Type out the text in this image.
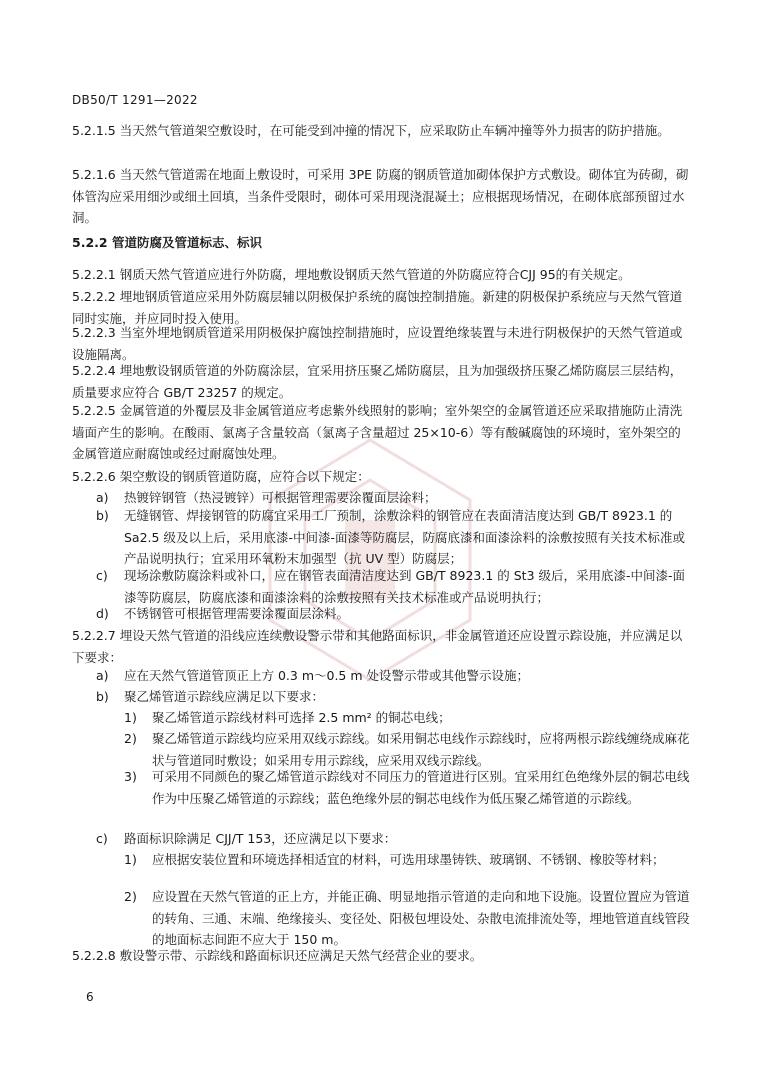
DB50/T 1291—2022

5.2.1.5 当天然气管道架空敷设时，在可能受到冲撞的情况下，应采取防止车辆冲撞等外力损害的防护措施。

5.2.1.6 当天然气管道需在地面上敷设时，可采用 3PE 防腐的钢质管道加砌体保护方式敷设。砌体宜为砖砌，砌体管沟应采用细沙或细土回填，当条件受限时，砌体可采用现浇混凝土；应根据现场情况，在砌体底部预留过水洞。

5.2.2 管道防腐及管道标志、标识

5.2.2.1 钢质天然气管道应进行外防腐，埋地敷设钢质天然气管道的外防腐应符合CJJ 95的有关规定。

5.2.2.2 埋地钢质管道应采用外防腐层辅以阴极保护系统的腐蚀控制措施。新建的阴极保护系统应与天然气管道同时实施，并应同时投入使用。

5.2.2.3 当室外埋地钢质管道采用阴极保护腐蚀控制措施时，应设置绝缘装置与未进行阴极保护的天然气管道或设施隔离。

5.2.2.4 埋地敷设钢质管道的外防腐涂层，宜采用挤压聚乙烯防腐层，且为加强级挤压聚乙烯防腐层三层结构，质量要求应符合 GB/T 23257 的规定。

5.2.2.5 金属管道的外覆层及非金属管道应考虑紫外线照射的影响；室外架空的金属管道还应采取措施防止清洗墙面产生的影响。在酸雨、氯离子含量较高（氯离子含量超过 25×10-6）等有酸碱腐蚀的环境时，室外架空的金属管道应耐腐蚀或经过耐腐蚀处理。

5.2.2.6 架空敷设的钢质管道防腐，应符合以下规定：

a) 热镀锌钢管（热浸镀锌）可根据管理需要涂覆面层涂料；

b) 无缝钢管、焊接钢管的防腐宜采用工厂预制，涂敷涂料的钢管应在表面清洁度达到 GB/T 8923.1 的 Sa2.5 级及以上后，采用底漆-中间漆-面漆等防腐层，防腐底漆和面漆涂料的涂敷按照有关技术标准或产品说明执行；宜采用环氧粉末加强型（抗 UV 型）防腐层；

c) 现场涂敷防腐涂料或补口，应在钢管表面清洁度达到 GB/T 8923.1 的 St3 级后，采用底漆-中间漆-面漆等防腐层，防腐底漆和面漆涂料的涂敷按照有关技术标准或产品说明执行；

d) 不锈钢管可根据管理需要涂覆面层涂料。

5.2.2.7 埋设天然气管道的沿线应连续敷设警示带和其他路面标识，非金属管道还应设置示踪设施，并应满足以下要求：

a) 应在天然气管道管顶正上方 0.3 m～0.5 m 处设警示带或其他警示设施；

b) 聚乙烯管道示踪线应满足以下要求：

1) 聚乙烯管道示踪线材料可选择 2.5 mm² 的铜芯电线；

2) 聚乙烯管道示踪线均应采用双线示踪线。如采用铜芯电线作示踪线时，应将两根示踪线缠绕成麻花状与管道同时敷设；如采用专用示踪线，应采用双线示踪线。

3) 可采用不同颜色的聚乙烯管道示踪线对不同压力的管道进行区别。宜采用红色绝缘外层的铜芯电线作为中压聚乙烯管道的示踪线；蓝色绝缘外层的铜芯电线作为低压聚乙烯管道的示踪线。

c) 路面标识除满足 CJJ/T 153，还应满足以下要求：

1) 应根据安装位置和环境选择相适宜的材料，可选用球墨铸铁、玻璃钢、不锈钢、橡胶等材料；

2) 应设置在天然气管道的正上方，并能正确、明显地指示管道的走向和地下设施。设置位置应为管道的转角、三通、末端、绝缘接头、变径处、阳极包埋设处、杂散电流排流处等，埋地管道直线管段的地面标志间距不应大于 150 m。

5.2.2.8 敷设警示带、示踪线和路面标识还应满足天然气经营企业的要求。

6
